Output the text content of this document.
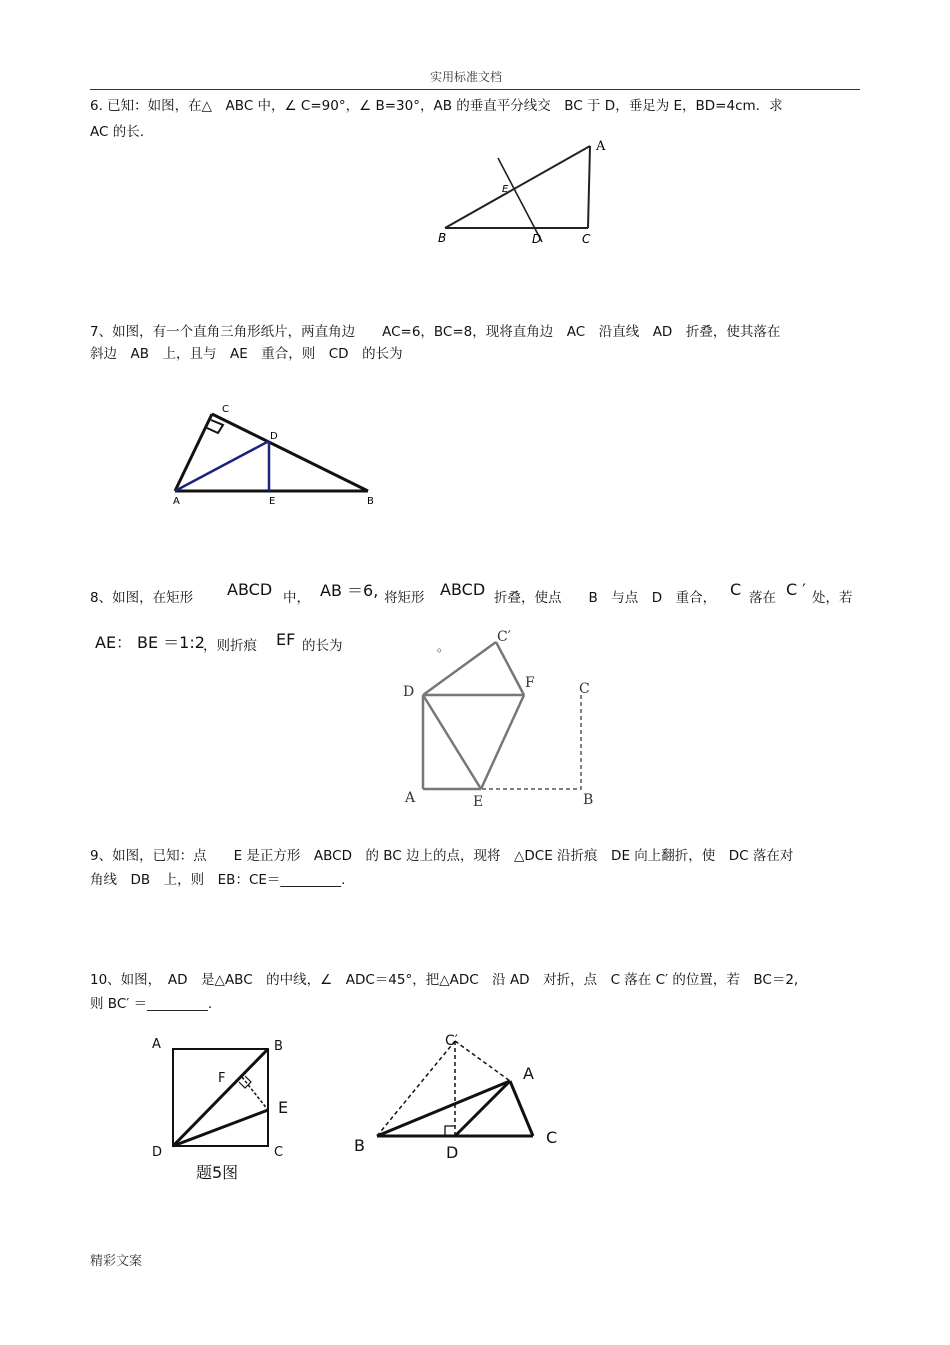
实用标准文档
6. 已知：如图，在△　ABC 中，∠ C=90°，∠ B=30°，AB 的垂直平分线交　BC 于 D，垂足为 E，BD=4cm．求
AC 的长.
A
B	C
D
E
7、如图，有一个直角三角形纸片，两直角边　　AC=6，BC=8，现将直角边　AC　沿直线　AD　折叠，使其落在
斜边　AB　上，且与　AE　重合，则　CD　的长为
C
D
A	E	B
8、如图，在矩形 ABCD 中， AB ＝6, 将矩形 ABCD 折叠，使点　　B　与点　D　重合， C 落在 C ′ 处，若
AE： BE ＝1:2
，则折痕 EF 的长为	。
C′
D
F	C
A	E	B
9、如图，已知：点　　E 是正方形　ABCD　的 BC 边上的点，现将　△DCE 沿折痕　DE 向上翻折，使　DC 落在对
角线　DB　上，则　EB：CE＝_________.
10、如图，　AD　是△ABC　的中线，∠　ADC＝45°，把△ADC　沿 AD　对折，点　C 落在 C′ 的位置，若　BC＝2,
则 BC′ ＝_________.
A	B
F
D	C
E
题5图
C′
A
B	D
C
精彩文案
